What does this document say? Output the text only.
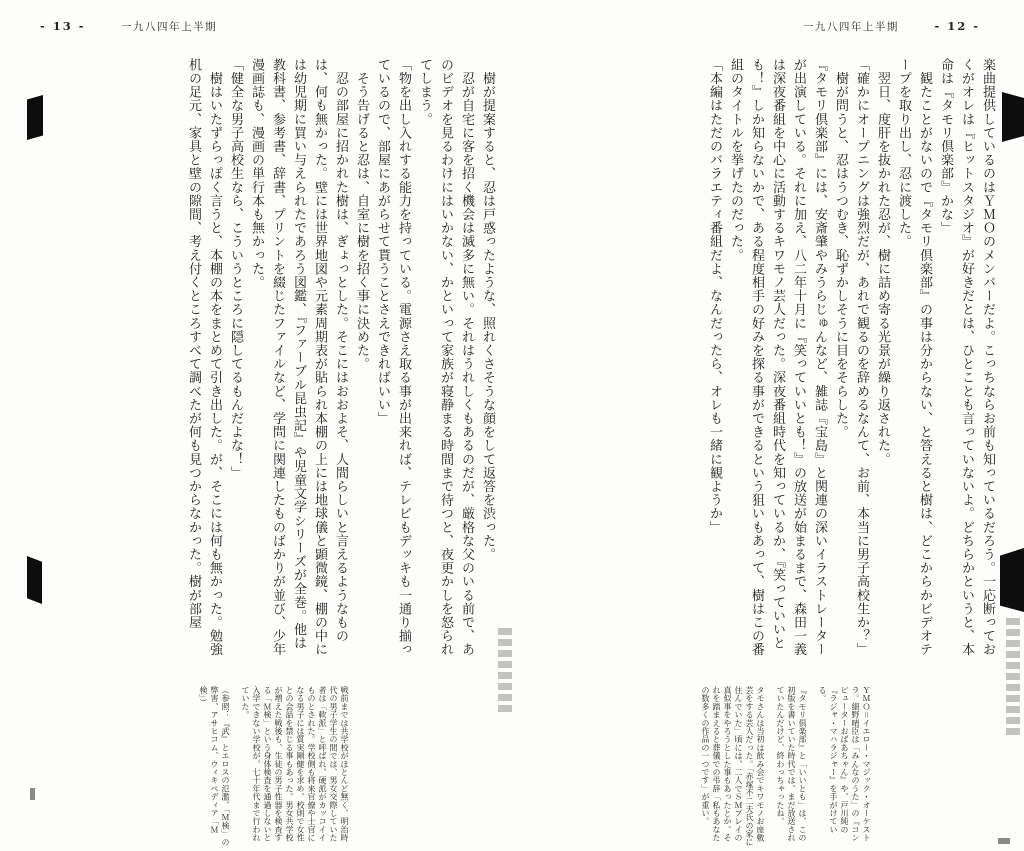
- 13 -	一九八四年上半期

　樹が提案すると、忍は戸惑ったような、照れくさそうな顔をして返答を渋った。

　忍が自宅に客を招く機会は滅多に無い。それはうれしくもあるのだが、厳格な父のいる前で、あのビデオを見るわけにはいかない、かといって家族が寝静まる時間まで待つと、夜更かしを怒られてしまう。

「物を出し入れする能力を持っている。電源さえ取る事が出来れば、テレビもデッキも一通り揃っているので、部屋にあがらせて貰うことさえできればいい」

　そう告げると忍は、自室に樹を招く事に決めた。

　忍の部屋に招かれた樹は、ぎょっとした。そこにはおおよそ、人間らしいと言えるようなものは、何も無かった。壁には世界地図や元素周期表が貼られ本棚の上には地球儀と顕微鏡、棚の中には幼児期に買い与えられたであろう図鑑、『ファーブル昆虫記』や児童文学シリーズが全巻。他は教科書、参考書、辞書、プリントを綴じたファイルなど、学問に関連したものばかりが並び、少年漫画誌も、漫画の単行本も無かった。

「健全な男子高校生なら、こういうところに隠してるもんだよな！」

　樹はいたずらっぽく言うと、本棚の本をまとめて引き出した。が、そこには何も無かった。勉強机の足元、家具と壁の隙間、考え付くところすべて調べたが何も見つからなかった。樹が部屋

戦前までは共学校がほとんど無く、明治時代の男子学生の間では、男女交際していた者は「軟派」と呼ばれ、硬派がカッコイイものとされた。学校側も将来官僚や士官になる男子には質実剛健を求め、校則で女性との会話を禁じる事もあった。男女共学校が増えた戦後も、生徒の男子性器を検査する「Ｍ検」という身体検査を通過しないと入学できない学校が、七十年代まで行われていた。

（参照：『武』とエロスの氾濫、「Ｍ検」の弊害、アサヒコム、ウィキペディア「Ｍ検」）

一九八四年上半期	- 12 -

楽曲提供しているのはＹＭＯのメンバーだよ。こっちならお前も知っているだろう。一応断っておくがオレは『ヒットスタジオ』が好きだとは、ひとことも言っていないよ。どちらかというと、本命は『タモリ倶楽部』かな」

　観たことがないので『タモリ倶楽部』の事は分からない、と答えると樹は、どこからかビデオテープを取り出し、忍に渡した。

　翌日、度肝を抜かれた忍が、樹に詰め寄る光景が繰り返された。

「確かにオープニングは強烈だが、あれで観るのを辞めるなんて、お前、本当に男子高校生か？」

　樹が問うと、忍はうつむき、恥ずかしそうに目をそらした。

『タモリ倶楽部』には、安斎肇やみうらじゅんなど、雑誌『宝島』と関連の深いイラストレーターが出演している。それに加え、八二年十月に『笑っていいとも！』の放送が始まるまで、森田一義は深夜番組を中心に活動するキワモノ芸人だった。深夜番組時代を知っているか、『笑っていいとも！』しか知らないかで、ある程度相手の好みを探る事ができるという狙いもあって、樹はこの番組のタイトルを挙げたのだった。

「本編はただのバラエティ番組だよ、なんだったら、オレも一緒に観ようか」

ＹＭＯ＝イエロー・マジック・オーケストラ。細野晴臣は「みんなのうた」の『コンピューターおばあちゃん』や、戸川純の『ラジャ・マハラジャー』を手がけている。

『タモリ倶楽部』と「いいとも」は、この初版を書いていた時代では、まだ放送されていたんだけど、終わっちゃったね。

タモさんは当初は飲み会でキワモノお座敷芸をする芸人だった。「赤塚不二夫氏の家に住んでいた」頃には、二人でＳＭプレイの真似事をやろうとした事もあったとか。それを踏まえると葬儀での弔辞「私もあなたの数多くの作品の一つです」が重い。
